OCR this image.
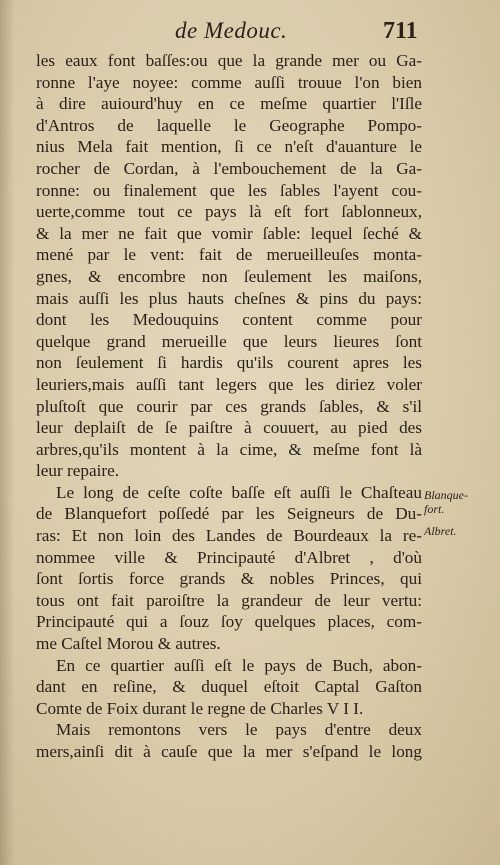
de Medouc.	711
les eaux font baſſes:ou que la grande mer ou Ga-
ronne l'aye noyee: comme auſſi trouue l'on bien
à dire auiourd'huy en ce meſme quartier l'Iſle
d'Antros de laquelle le Geographe Pompo-
nius Mela fait mention, ſi ce n'eſt d'auanture le
rocher de Cordan, à l'embouchement de la Ga-
ronne: ou finalement que les ſables l'ayent cou-
uerte,comme tout ce pays là eſt fort ſablonneux,
& la mer ne fait que vomir ſable: lequel ſeché &
mené par le vent: fait de merueilleuſes monta-
gnes, & encombre non ſeulement les maiſons,
mais auſſi les plus hauts cheſnes & pins du pays:
dont les Medouquins content comme pour
quelque grand merueille que leurs lieures ſont
non ſeulement ſi hardis qu'ils courent apres les
leuriers,mais auſſi tant legers que les diriez voler
pluſtoſt que courir par ces grands ſables, & s'il
leur deplaiſt de ſe paiſtre à couuert, au pied des
arbres,qu'ils montent à la cime, & meſme font là
leur repaire.
Le long de ceſte coſte baſſe eſt auſſi le Chaſteau
de Blanquefort poſſedé par les Seigneurs de Du-
ras: Et non loin des Landes de Bourdeaux la re-
nommee ville & Principauté d'Albret , d'où
ſont ſortis force grands & nobles Princes, qui
tous ont fait paroiſtre la grandeur de leur vertu:
Principauté qui a ſouz ſoy quelques places, com-
me Caſtel Morou & autres.
En ce quartier auſſi eſt le pays de Buch, abon-
dant en reſine, & duquel eſtoit Captal Gaſton
Comte de Foix durant le regne de Charles V I I.
Mais remontons vers le pays d'entre deux
mers,ainſi dit à cauſe que la mer s'eſpand le long
Blanque-
fort.
Albret.
